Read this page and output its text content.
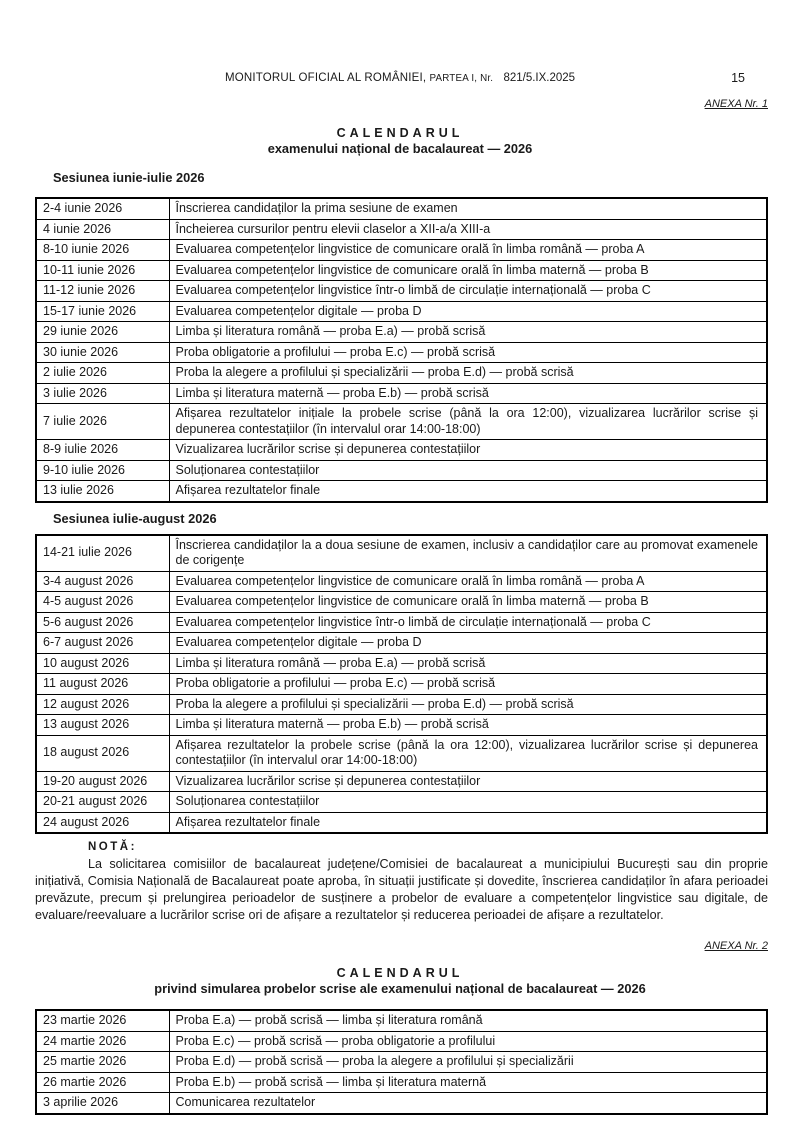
MONITORUL OFICIAL AL ROMÂNIEI, PARTEA I, Nr. 821/5.IX.2025	15
ANEXA Nr. 1
CALENDARUL
examenului național de bacalaureat — 2026
Sesiunea iunie-iulie 2026
2-4 iunie 2026	Înscrierea candidaților la prima sesiune de examen
4 iunie 2026	Încheierea cursurilor pentru elevii claselor a XII-a/a XIII-a
8-10 iunie 2026	Evaluarea competențelor lingvistice de comunicare orală în limba română — proba A
10-11 iunie 2026	Evaluarea competențelor lingvistice de comunicare orală în limba maternă — proba B
11-12 iunie 2026	Evaluarea competențelor lingvistice într-o limbă de circulație internațională — proba C
15-17 iunie 2026	Evaluarea competențelor digitale — proba D
29 iunie 2026	Limba și literatura română — proba E.a) — probă scrisă
30 iunie 2026	Proba obligatorie a profilului — proba E.c) — probă scrisă
2 iulie 2026	Proba la alegere a profilului și specializării — proba E.d) — probă scrisă
3 iulie 2026	Limba și literatura maternă — proba E.b) — probă scrisă
7 iulie 2026	Afișarea rezultatelor inițiale la probele scrise (până la ora 12:00), vizualizarea lucrărilor scrise și depunerea contestațiilor (în intervalul orar 14:00-18:00)
8-9 iulie 2026	Vizualizarea lucrărilor scrise și depunerea contestațiilor
9-10 iulie 2026	Soluționarea contestațiilor
13 iulie 2026	Afișarea rezultatelor finale
Sesiunea iulie-august 2026
14-21 iulie 2026	Înscrierea candidaților la a doua sesiune de examen, inclusiv a candidaților care au promovat examenele de corigențe
3-4 august 2026	Evaluarea competențelor lingvistice de comunicare orală în limba română — proba A
4-5 august 2026	Evaluarea competențelor lingvistice de comunicare orală în limba maternă — proba B
5-6 august 2026	Evaluarea competențelor lingvistice într-o limbă de circulație internațională — proba C
6-7 august 2026	Evaluarea competențelor digitale — proba D
10 august 2026	Limba și literatura română — proba E.a) — probă scrisă
11 august 2026	Proba obligatorie a profilului — proba E.c) — probă scrisă
12 august 2026	Proba la alegere a profilului și specializării — proba E.d) — probă scrisă
13 august 2026	Limba și literatura maternă — proba E.b) — probă scrisă
18 august 2026	Afișarea rezultatelor la probele scrise (până la ora 12:00), vizualizarea lucrărilor scrise și depunerea contestațiilor (în intervalul orar 14:00-18:00)
19-20 august 2026	Vizualizarea lucrărilor scrise și depunerea contestațiilor
20-21 august 2026	Soluționarea contestațiilor
24 august 2026	Afișarea rezultatelor finale
NOTĂ:

La solicitarea comisiilor de bacalaureat județene/Comisiei de bacalaureat a municipiului București sau din proprie inițiativă, Comisia Națională de Bacalaureat poate aproba, în situații justificate și dovedite, înscrierea candidaților în afara perioadei prevăzute, precum și prelungirea perioadelor de susținere a probelor de evaluare a competențelor lingvistice sau digitale, de evaluare/reevaluare a lucrărilor scrise ori de afișare a rezultatelor și reducerea perioadei de afișare a rezultatelor.

ANEXA Nr. 2
CALENDARUL
privind simularea probelor scrise ale examenului național de bacalaureat — 2026
23 martie 2026	Proba E.a) — probă scrisă — limba și literatura română
24 martie 2026	Proba E.c) — probă scrisă — proba obligatorie a profilului
25 martie 2026	Proba E.d) — probă scrisă — proba la alegere a profilului și specializării
26 martie 2026	Proba E.b) — probă scrisă — limba și literatura maternă
3 aprilie 2026	Comunicarea rezultatelor
